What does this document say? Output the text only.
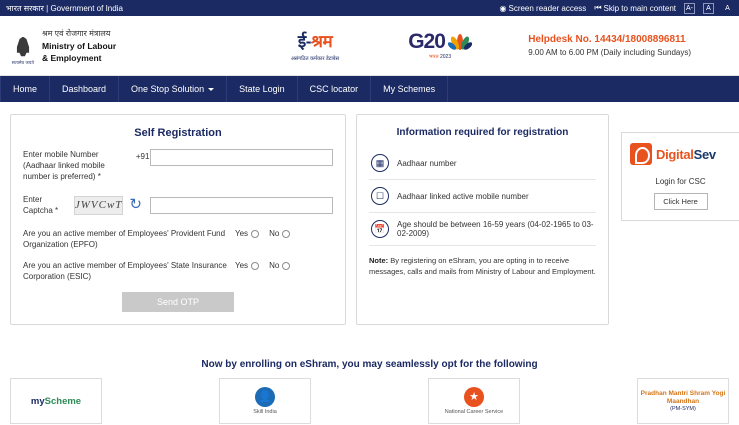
भारत सरकार | Government of India	◉ Screen reader access ⏮ Skip to main content A-	A	A
सत्यमेव जयते
श्रम एवं रोजगार मंत्रालय
Ministry of Labour
& Employment
ई-श्रम
असंगठित कर्मकार डेटाबेस
G20
भारत 2023
Helpdesk No. 14434/18008896811
9.00 AM to 6.00 PM (Daily including Sundays)
Home	Dashboard	One Stop Solution	State Login	CSC locator	My Schemes
Self Registration
Enter mobile Number (Aadhaar linked mobile number is preferred) *
+91
Enter Captcha *	JWVCwT ↻
Are you an active member of Employees' Provident Fund Organization (EPFO)
Yes	No
Are you an active member of Employees' State Insurance Corporation (ESIC)
Yes	No
Send OTP
Information required for registration
▦	Aadhaar number
☐	Aadhaar linked active mobile number
📅	Age should be between 16-59 years (04-02-1965 to 03-02-2009)
Note: By registering on eShram, you are opting in to receive messages, calls and mails from Ministry of Labour and Employment.
DigitalSev
Login for CSC
Click Here
Now by enrolling on eShram, you may seamlessly opt for the following
myScheme	👤
Skill India
★
National Career Service
Pradhan Mantri Shram Yogi Maandhan
(PM-SYM)
